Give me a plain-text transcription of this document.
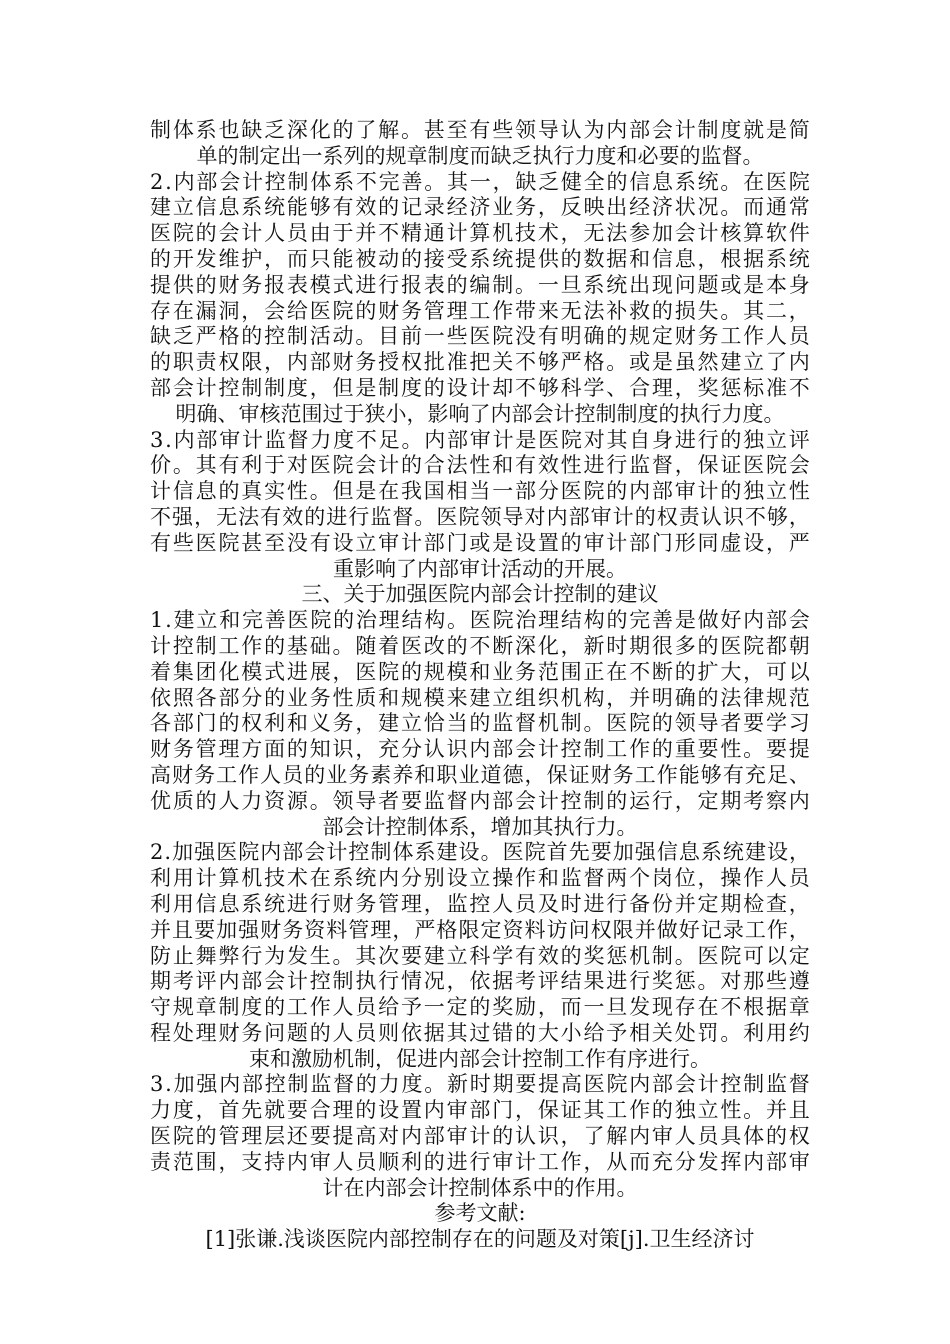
制 体 系 也 缺 乏 深 化 的 了 解 。 甚 至 有 些 领 导 认 为 内 部 会 计 制 度 就 是 简
单的制定出一系列的规章制度而缺乏执行力度和必要的监督。
2 . 内 部 会 计 控 制 体 系 不 完 善 。 其 一 ， 缺 乏 健 全 的 信 息 系 统 。 在 医 院
建 立 信 息 系 统 能 够 有 效 的 记 录 经 济 业 务 ， 反 映 出 经 济 状 况 。 而 通 常
医 院 的 会 计 人 员 由 于 并 不 精 通 计 算 机 技 术 ， 无 法 参 加 会 计 核 算 软 件
的 开 发 维 护 ， 而 只 能 被 动 的 接 受 系 统 提 供 的 数 据 和 信 息 ， 根 据 系 统
提 供 的 财 务 报 表 模 式 进 行 报 表 的 编 制 。 一 旦 系 统 出 现 问 题 或 是 本 身
存 在 漏 洞 ， 会 给 医 院 的 财 务 管 理 工 作 带 来 无 法 补 救 的 损 失 。 其 二 ，
缺 乏 严 格 的 控 制 活 动 。 目 前 一 些 医 院 没 有 明 确 的 规 定 财 务 工 作 人 员
的 职 责 权 限 ， 内 部 财 务 授 权 批 准 把 关 不 够 严 格 。 或 是 虽 然 建 立 了 内
部 会 计 控 制 制 度 ， 但 是 制 度 的 设 计 却 不 够 科 学 、 合 理 ， 奖 惩 标 准 不
明确、审核范围过于狭小，影响了内部会计控制制度的执行力度。
3 . 内 部 审 计 监 督 力 度 不 足 。 内 部 审 计 是 医 院 对 其 自 身 进 行 的 独 立 评
价 。 其 有 利 于 对 医 院 会 计 的 合 法 性 和 有 效 性 进 行 监 督 ， 保 证 医 院 会
计 信 息 的 真 实 性 。 但 是 在 我 国 相 当 一 部 分 医 院 的 内 部 审 计 的 独 立 性
不 强 ， 无 法 有 效 的 进 行 监 督 。 医 院 领 导 对 内 部 审 计 的 权 责 认 识 不 够 ，
有 些 医 院 甚 至 没 有 设 立 审 计 部 门 或 是 设 置 的 审 计 部 门 形 同 虚 设 ， 严
重影响了内部审计活动的开展。
三、关于加强医院内部会计控制的建议
1 . 建 立 和 完 善 医 院 的 治 理 结 构 。 医 院 治 理 结 构 的 完 善 是 做 好 内 部 会
计 控 制 工 作 的 基 础 。 随 着 医 改 的 不 断 深 化 ， 新 时 期 很 多 的 医 院 都 朝
着 集 团 化 模 式 进 展 ， 医 院 的 规 模 和 业 务 范 围 正 在 不 断 的 扩 大 ， 可 以
依 照 各 部 分 的 业 务 性 质 和 规 模 来 建 立 组 织 机 构 ， 并 明 确 的 法 律 规 范
各 部 门 的 权 利 和 义 务 ， 建 立 恰 当 的 监 督 机 制 。 医 院 的 领 导 者 要 学 习
财 务 管 理 方 面 的 知 识 ， 充 分 认 识 内 部 会 计 控 制 工 作 的 重 要 性 。 要 提
高 财 务 工 作 人 员 的 业 务 素 养 和 职 业 道 德 ， 保 证 财 务 工 作 能 够 有 充 足 、
优 质 的 人 力 资 源 。 领 导 者 要 监 督 内 部 会 计 控 制 的 运 行 ， 定 期 考 察 内
部会计控制体系，增加其执行力。
2 . 加 强 医 院 内 部 会 计 控 制 体 系 建 设 。 医 院 首 先 要 加 强 信 息 系 统 建 设 ，
利 用 计 算 机 技 术 在 系 统 内 分 别 设 立 操 作 和 监 督 两 个 岗 位 ， 操 作 人 员
利 用 信 息 系 统 进 行 财 务 管 理 ， 监 控 人 员 及 时 进 行 备 份 并 定 期 检 查 ，
并 且 要 加 强 财 务 资 料 管 理 ， 严 格 限 定 资 料 访 问 权 限 并 做 好 记 录 工 作 ，
防 止 舞 弊 行 为 发 生 。 其 次 要 建 立 科 学 有 效 的 奖 惩 机 制 。 医 院 可 以 定
期 考 评 内 部 会 计 控 制 执 行 情 况 ， 依 据 考 评 结 果 进 行 奖 惩 。 对 那 些 遵
守 规 章 制 度 的 工 作 人 员 给 予 一 定 的 奖 励 ， 而 一 旦 发 现 存 在 不 根 据 章
程 处 理 财 务 问 题 的 人 员 则 依 据 其 过 错 的 大 小 给 予 相 关 处 罚 。 利 用 约
束和激励机制，促进内部会计控制工作有序进行。
3 . 加 强 内 部 控 制 监 督 的 力 度 。 新 时 期 要 提 高 医 院 内 部 会 计 控 制 监 督
力 度 ， 首 先 就 要 合 理 的 设 置 内 审 部 门 ， 保 证 其 工 作 的 独 立 性 。 并 且
医 院 的 管 理 层 还 要 提 高 对 内 部 审 计 的 认 识 ， 了 解 内 审 人 员 具 体 的 权
责 范 围 ， 支 持 内 审 人 员 顺 利 的 进 行 审 计 工 作 ， 从 而 充 分 发 挥 内 部 审
计在内部会计控制体系中的作用。
参考文献:
[1]张谦.浅谈医院内部控制存在的问题及对策[j].卫生经济讨
